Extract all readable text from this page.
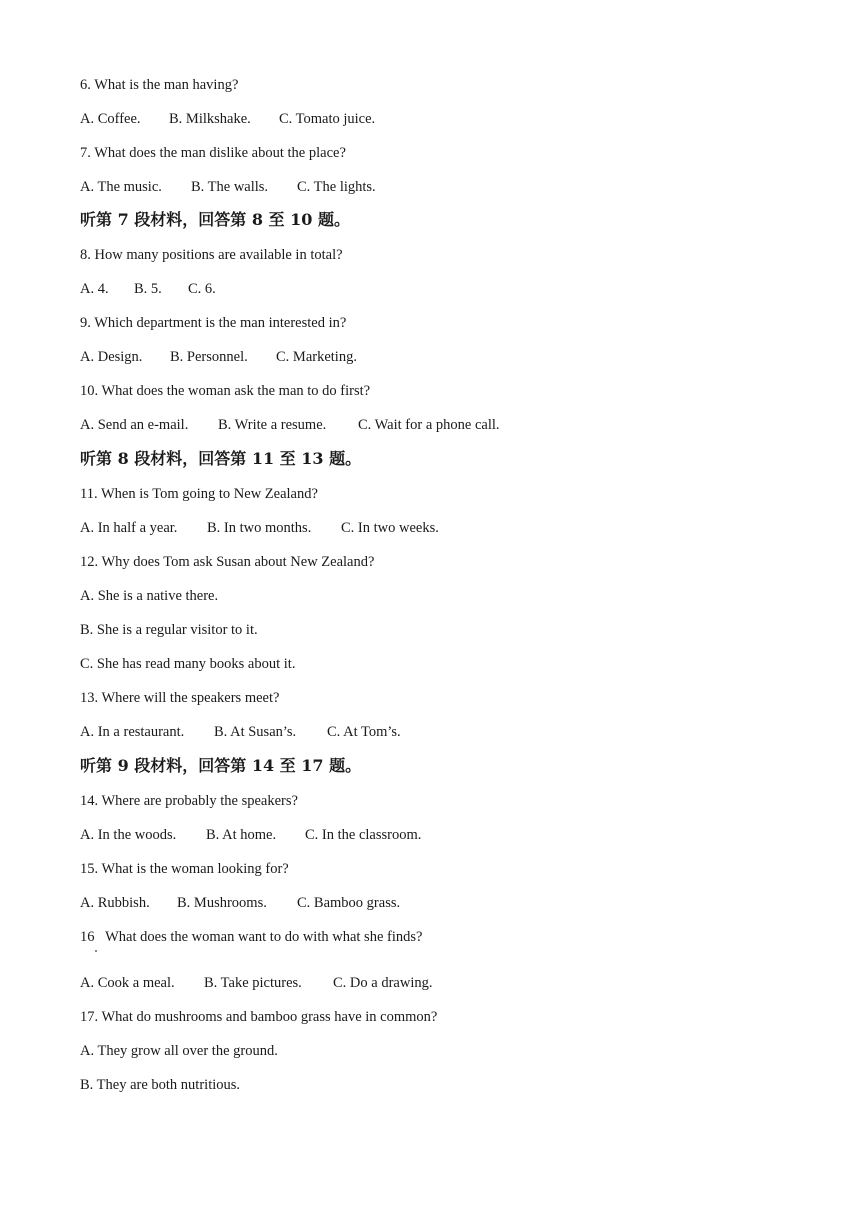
6. What is the man having?
A. Coffee. B. Milkshake. C. Tomato juice.
7. What does the man dislike about the place?
A. The music. B. The walls. C. The lights.
听第 7 段材料，回答第 8 至 10 题。
8. How many positions are available in total?
A. 4. B. 5. C. 6.
9. Which department is the man interested in?
A. Design. B. Personnel. C. Marketing.
10. What does the woman ask the man to do first?
A. Send an e-mail. B. Write a resume. C. Wait for a phone call.
听第 8 段材料，回答第 11 至 13 题。
11. When is Tom going to New Zealand?
A. In half a year. B. In two months. C. In two weeks.
12. Why does Tom ask Susan about New Zealand?
A. She is a native there.
B. She is a regular visitor to it.
C. She has read many books about it.
13. Where will the speakers meet?
A. In a restaurant. B. At Susan’s. C. At Tom’s.
听第 9 段材料，回答第 14 至 17 题。
14. Where are probably the speakers?
A. In the woods. B. At home. C. In the classroom.
15. What is the woman looking for?
A. Rubbish. B. Mushrooms. C. Bamboo grass.
16   What does the woman want to do with what she finds?
A. Cook a meal. B. Take pictures. C. Do a drawing.
17. What do mushrooms and bamboo grass have in common?
A. They grow all over the ground.
B. They are both nutritious.
